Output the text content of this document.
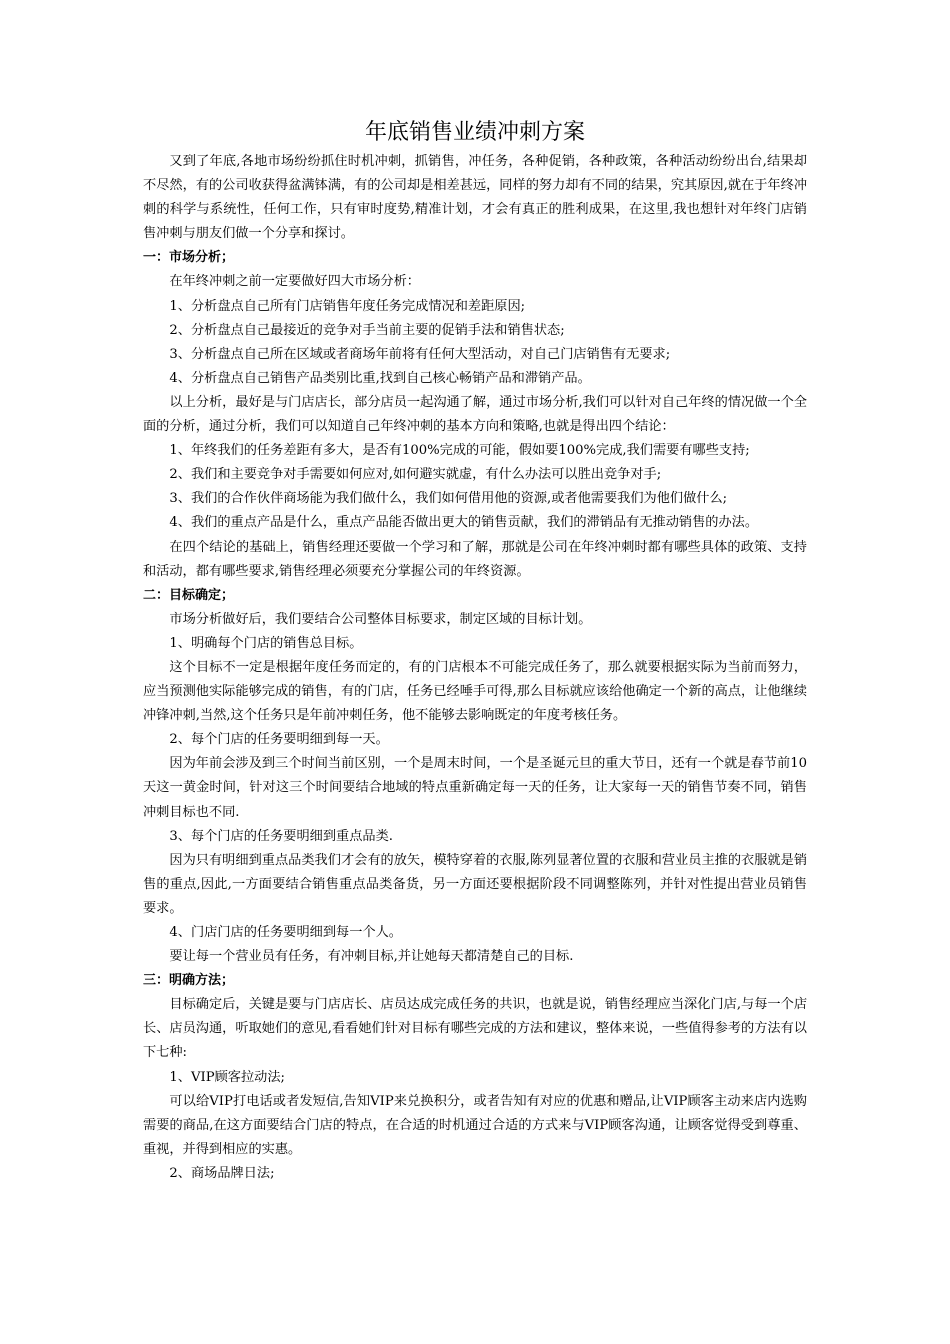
年底销售业绩冲刺方案

又到了年底,各地市场纷纷抓住时机冲刺，抓销售，冲任务，各种促销，各种政策，各种活动纷纷出台,结果却不尽然，有的公司收获得盆满钵满，有的公司却是相差甚远，同样的努力却有不同的结果，究其原因,就在于年终冲刺的科学与系统性，任何工作，只有审时度势,精准计划，才会有真正的胜利成果，在这里,我也想针对年终门店销售冲刺与朋友们做一个分享和探讨。

一：市场分析；

在年终冲刺之前一定要做好四大市场分析：

1、分析盘点自己所有门店销售年度任务完成情况和差距原因;

2、分析盘点自己最接近的竞争对手当前主要的促销手法和销售状态;

3、分析盘点自己所在区域或者商场年前将有任何大型活动，对自己门店销售有无要求;

4、分析盘点自己销售产品类别比重,找到自己核心畅销产品和滞销产品。

以上分析，最好是与门店店长，部分店员一起沟通了解，通过市场分析,我们可以针对自己年终的情况做一个全面的分析，通过分析，我们可以知道自己年终冲刺的基本方向和策略,也就是得出四个结论：

1、年终我们的任务差距有多大，是否有100%完成的可能，假如要100%完成,我们需要有哪些支持;

2、我们和主要竞争对手需要如何应对,如何避实就虚，有什么办法可以胜出竞争对手;

3、我们的合作伙伴商场能为我们做什么，我们如何借用他的资源,或者他需要我们为他们做什么;

4、我们的重点产品是什么，重点产品能否做出更大的销售贡献，我们的滞销品有无推动销售的办法。

在四个结论的基础上，销售经理还要做一个学习和了解，那就是公司在年终冲刺时都有哪些具体的政策、支持和活动，都有哪些要求,销售经理必须要充分掌握公司的年终资源。

二：目标确定；

市场分析做好后，我们要结合公司整体目标要求，制定区域的目标计划。

1、明确每个门店的销售总目标。

这个目标不一定是根据年度任务而定的，有的门店根本不可能完成任务了，那么就要根据实际为当前而努力，应当预测他实际能够完成的销售，有的门店，任务已经唾手可得,那么目标就应该给他确定一个新的高点，让他继续冲锋冲刺,当然,这个任务只是年前冲刺任务，他不能够去影响既定的年度考核任务。

2、每个门店的任务要明细到每一天。

因为年前会涉及到三个时间当前区别，一个是周末时间，一个是圣诞元旦的重大节日，还有一个就是春节前10天这一黄金时间，针对这三个时间要结合地域的特点重新确定每一天的任务，让大家每一天的销售节奏不同，销售冲刺目标也不同.

3、每个门店的任务要明细到重点品类.

因为只有明细到重点品类我们才会有的放矢，模特穿着的衣服,陈列显著位置的衣服和营业员主推的衣服就是销售的重点,因此,一方面要结合销售重点品类备货，另一方面还要根据阶段不同调整陈列，并针对性提出营业员销售要求。

4、门店门店的任务要明细到每一个人。

要让每一个营业员有任务，有冲刺目标,并让她每天都清楚自己的目标.

三：明确方法；

目标确定后，关键是要与门店店长、店员达成完成任务的共识，也就是说，销售经理应当深化门店,与每一个店长、店员沟通，听取她们的意见,看看她们针对目标有哪些完成的方法和建议，整体来说，一些值得参考的方法有以下七种:

1、VIP顾客拉动法;

可以给VIP打电话或者发短信,告知VIP来兑换积分，或者告知有对应的优惠和赠品,让VIP顾客主动来店内选购需要的商品,在这方面要结合门店的特点，在合适的时机通过合适的方式来与VIP顾客沟通，让顾客觉得受到尊重、重视，并得到相应的实惠。

2、商场品牌日法;
